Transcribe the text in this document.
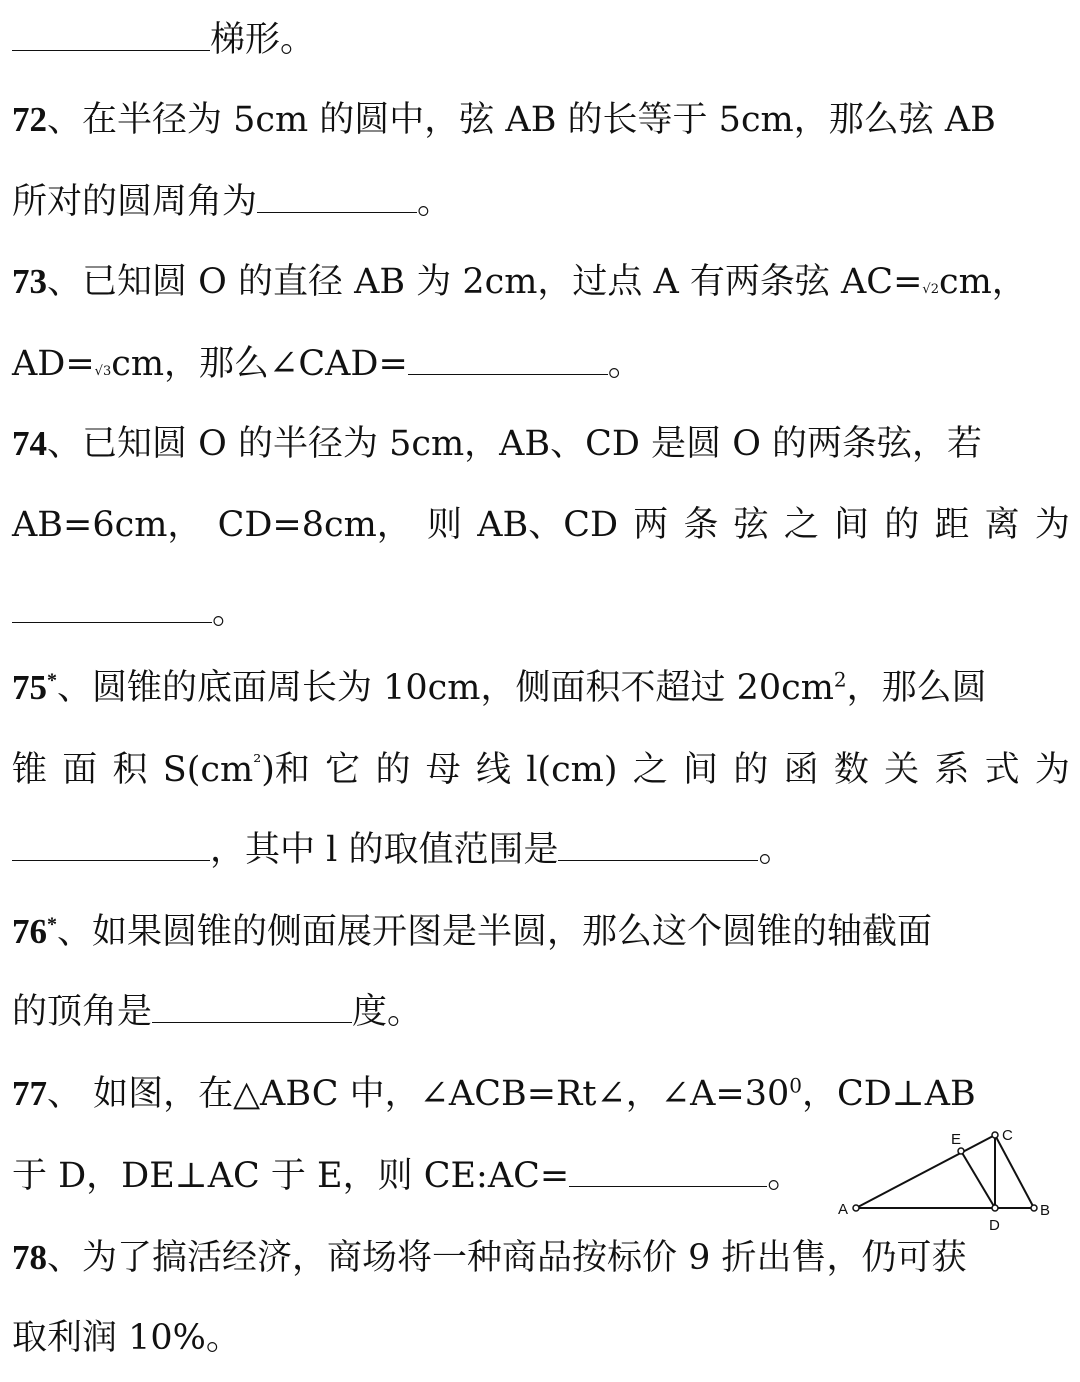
梯形。
72、在半径为 5cm 的圆中，弦 AB 的长等于 5cm，那么弦 AB
所对的圆周角为	。
73、已知圆 O 的直径 AB 为 2cm，过点 A 有两条弦 AC=√2cm，
AD=√3cm，那么∠CAD=	。
74、已知圆 O 的半径为 5cm，AB、CD 是圆 O 的两条弦，若
AB=6cm， CD=8cm， 则 AB、CD 两 条 弦 之 间 的 距 离 为
。
75*、圆锥的底面周长为 10cm，侧面积不超过 $20cm^2$，那么圆
锥 面 积 $S(cm^{^2})$和 它 的 母 线 l(cm) 之 间 的 函 数 关 系 式 为
，其中 l 的取值范围是	。
76*、如果圆锥的侧面展开图是半圆，那么这个圆锥的轴截面
的顶角是	度。
77、 如图，在△ABC 中，∠ACB=Rt∠，$\angle A=30^0$，CD⊥AB
于 D，DE⊥AC 于 E，则 CE:AC=	。
A	B
C
D
E
78、为了搞活经济，商场将一种商品按标价 9 折出售，仍可获
取利润 10%。
